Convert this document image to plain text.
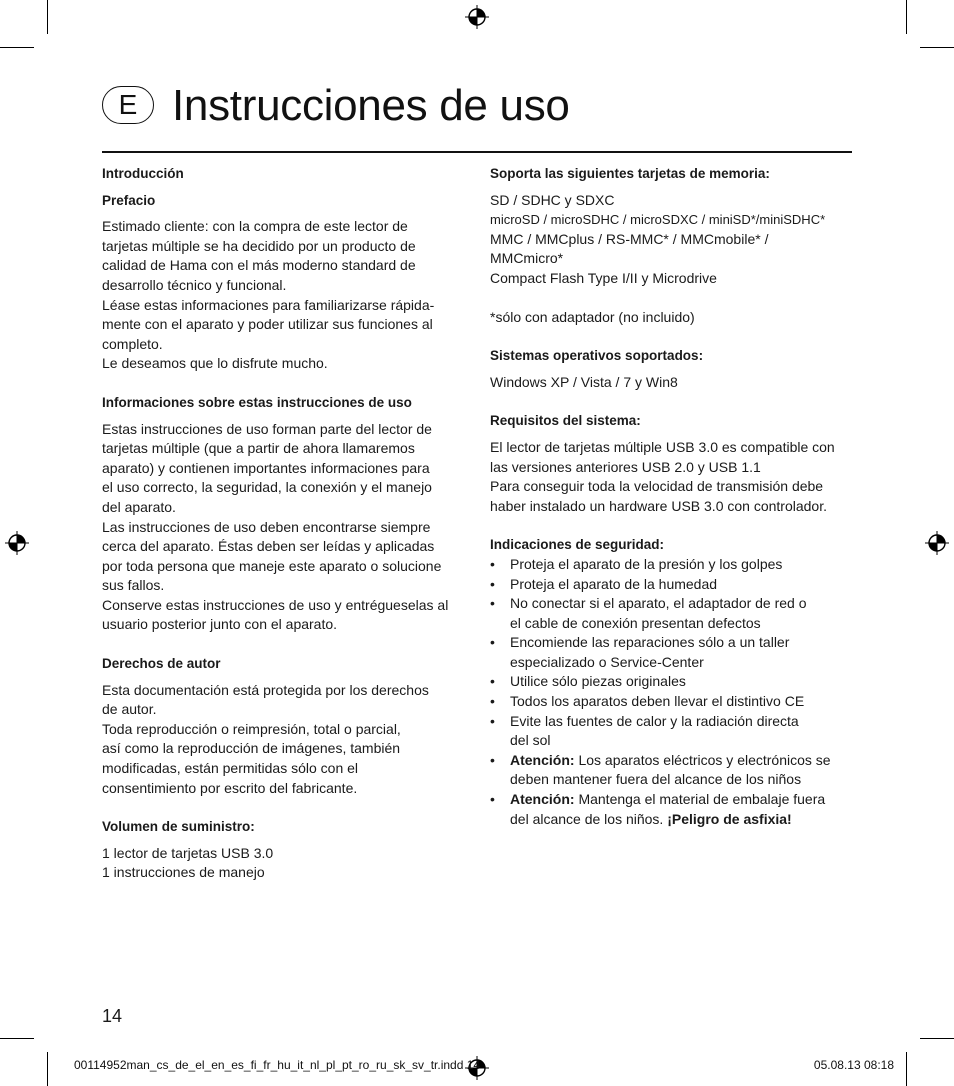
E Instrucciones de uso
Introducción
Prefacio
Estimado cliente: con la compra de este lector de
tarjetas múltiple se ha decidido por un producto de
calidad de Hama con el más moderno standard de
desarrollo técnico y funcional.
Léase estas informaciones para familiarizarse rápida-
mente con el aparato y poder utilizar sus funciones al
completo.
Le deseamos que lo disfrute mucho.
Informaciones sobre estas instrucciones de uso
Estas instrucciones de uso forman parte del lector de
tarjetas múltiple (que a partir de ahora llamaremos
aparato) y contienen importantes informaciones para
el uso correcto, la seguridad, la conexión y el manejo
del aparato.
Las instrucciones de uso deben encontrarse siempre
cerca del aparato. Éstas deben ser leídas y aplicadas
por toda persona que maneje este aparato o solucione
sus fallos.
Conserve estas instrucciones de uso y entrégueselas al
usuario posterior junto con el aparato.
Derechos de autor
Esta documentación está protegida por los derechos
de autor.
Toda reproducción o reimpresión, total o parcial,
así como la reproducción de imágenes, también
modificadas, están permitidas sólo con el
consentimiento por escrito del fabricante.
Volumen de suministro:
1 lector de tarjetas USB 3.0
1 instrucciones de manejo
Soporta las siguientes tarjetas de memoria:
SD / SDHC y SDXC
microSD / microSDHC / microSDXC / miniSD*/miniSDHC*
MMC / MMCplus / RS-MMC* / MMCmobile* /
MMCmicro*
Compact Flash Type I/II y Microdrive

*sólo con adaptador (no incluido)

Sistemas operativos soportados:

Windows XP / Vista / 7 y Win8

Requisitos del sistema:
El lector de tarjetas múltiple USB 3.0 es compatible con
las versiones anteriores USB 2.0 y USB 1.1
Para conseguir toda la velocidad de transmisión debe
haber instalado un hardware USB 3.0 con controlador.
Indicaciones de seguridad:
• Proteja el aparato de la presión y los golpes
• Proteja el aparato de la humedad
• No conectar si el aparato, el adaptador de red o
el cable de conexión presentan defectos
• Encomiende las reparaciones sólo a un taller
especializado o Service-Center
• Utilice sólo piezas originales
• Todos los aparatos deben llevar el distintivo CE
• Evite las fuentes de calor y la radiación directa
del sol
• Atención: Los aparatos eléctricos y electrónicos se
deben mantener fuera del alcance de los niños
• Atención: Mantenga el material de embalaje fuera
del alcance de los niños. ¡Peligro de asfixia!
14
00114952man_cs_de_el_en_es_fi_fr_hu_it_nl_pl_pt_ro_ru_sk_sv_tr.indd 14	05.08.13 08:18
